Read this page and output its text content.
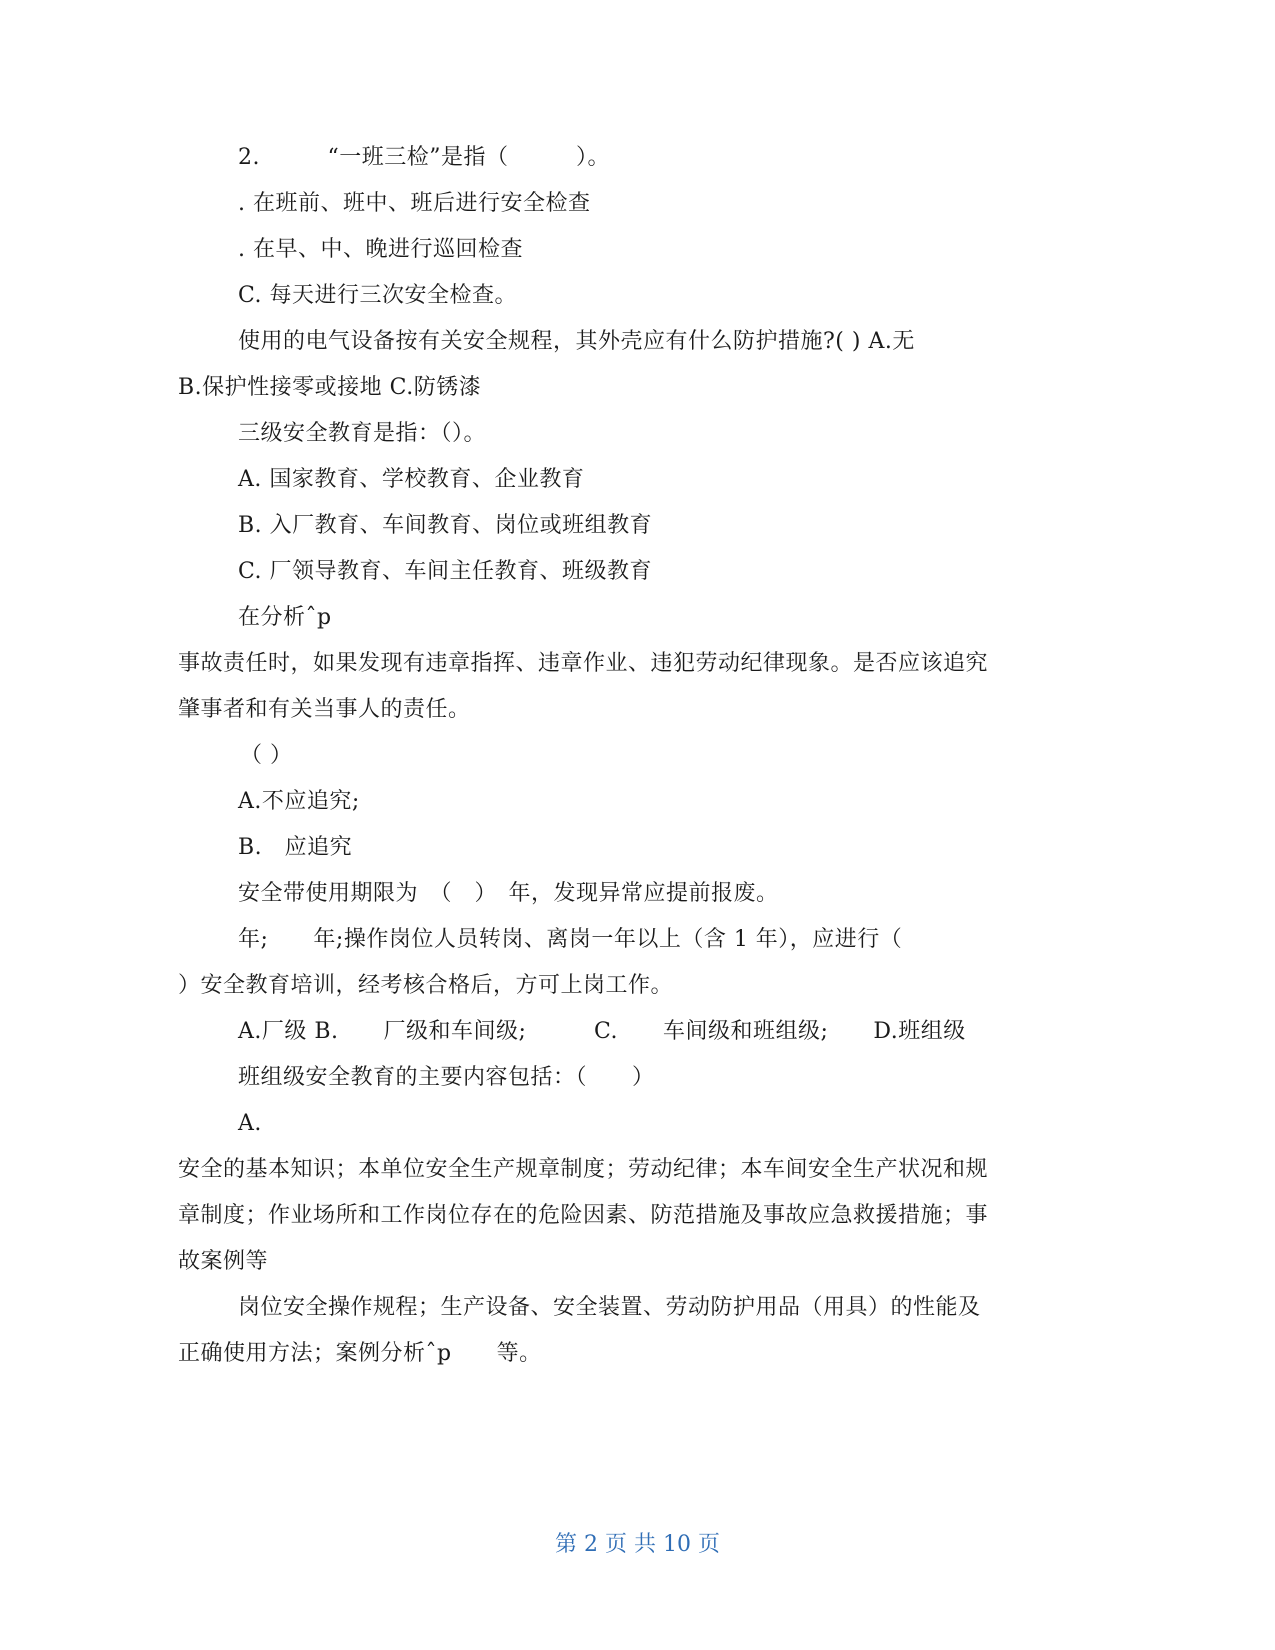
2.　　　“一班三检”是指（　　　）。
. 在班前、班中、班后进行安全检查
. 在早、中、晚进行巡回检查
C. 每天进行三次安全检查。
使用的电气设备按有关安全规程，其外壳应有什么防护措施?( ) A.无
B.保护性接零或接地 C.防锈漆
三级安全教育是指：（）。
A. 国家教育、学校教育、企业教育
B. 入厂教育、车间教育、岗位或班组教育
C. 厂领导教育、车间主任教育、班级教育
在分析ˆp
事故责任时，如果发现有违章指挥、违章作业、违犯劳动纪律现象。是否应该追究
肇事者和有关当事人的责任。
（ ）
A.不应追究;
B.　应追究
安全带使用期限为　（　）　年，发现异常应提前报废。
年;　　年;操作岗位人员转岗、离岗一年以上（含 1 年），应进行（
）安全教育培训，经考核合格后，方可上岗工作。
A.厂级 B.　　厂级和车间级;　　　C.　　车间级和班组级;　　D.班组级
班组级安全教育的主要内容包括：（　　）
A.
安全的基本知识；本单位安全生产规章制度；劳动纪律；本车间安全生产状况和规
章制度；作业场所和工作岗位存在的危险因素、防范措施及事故应急救援措施；事
故案例等
岗位安全操作规程；生产设备、安全装置、劳动防护用品（用具）的性能及
正确使用方法；案例分析ˆp　　等。
第 2 页 共 10 页
